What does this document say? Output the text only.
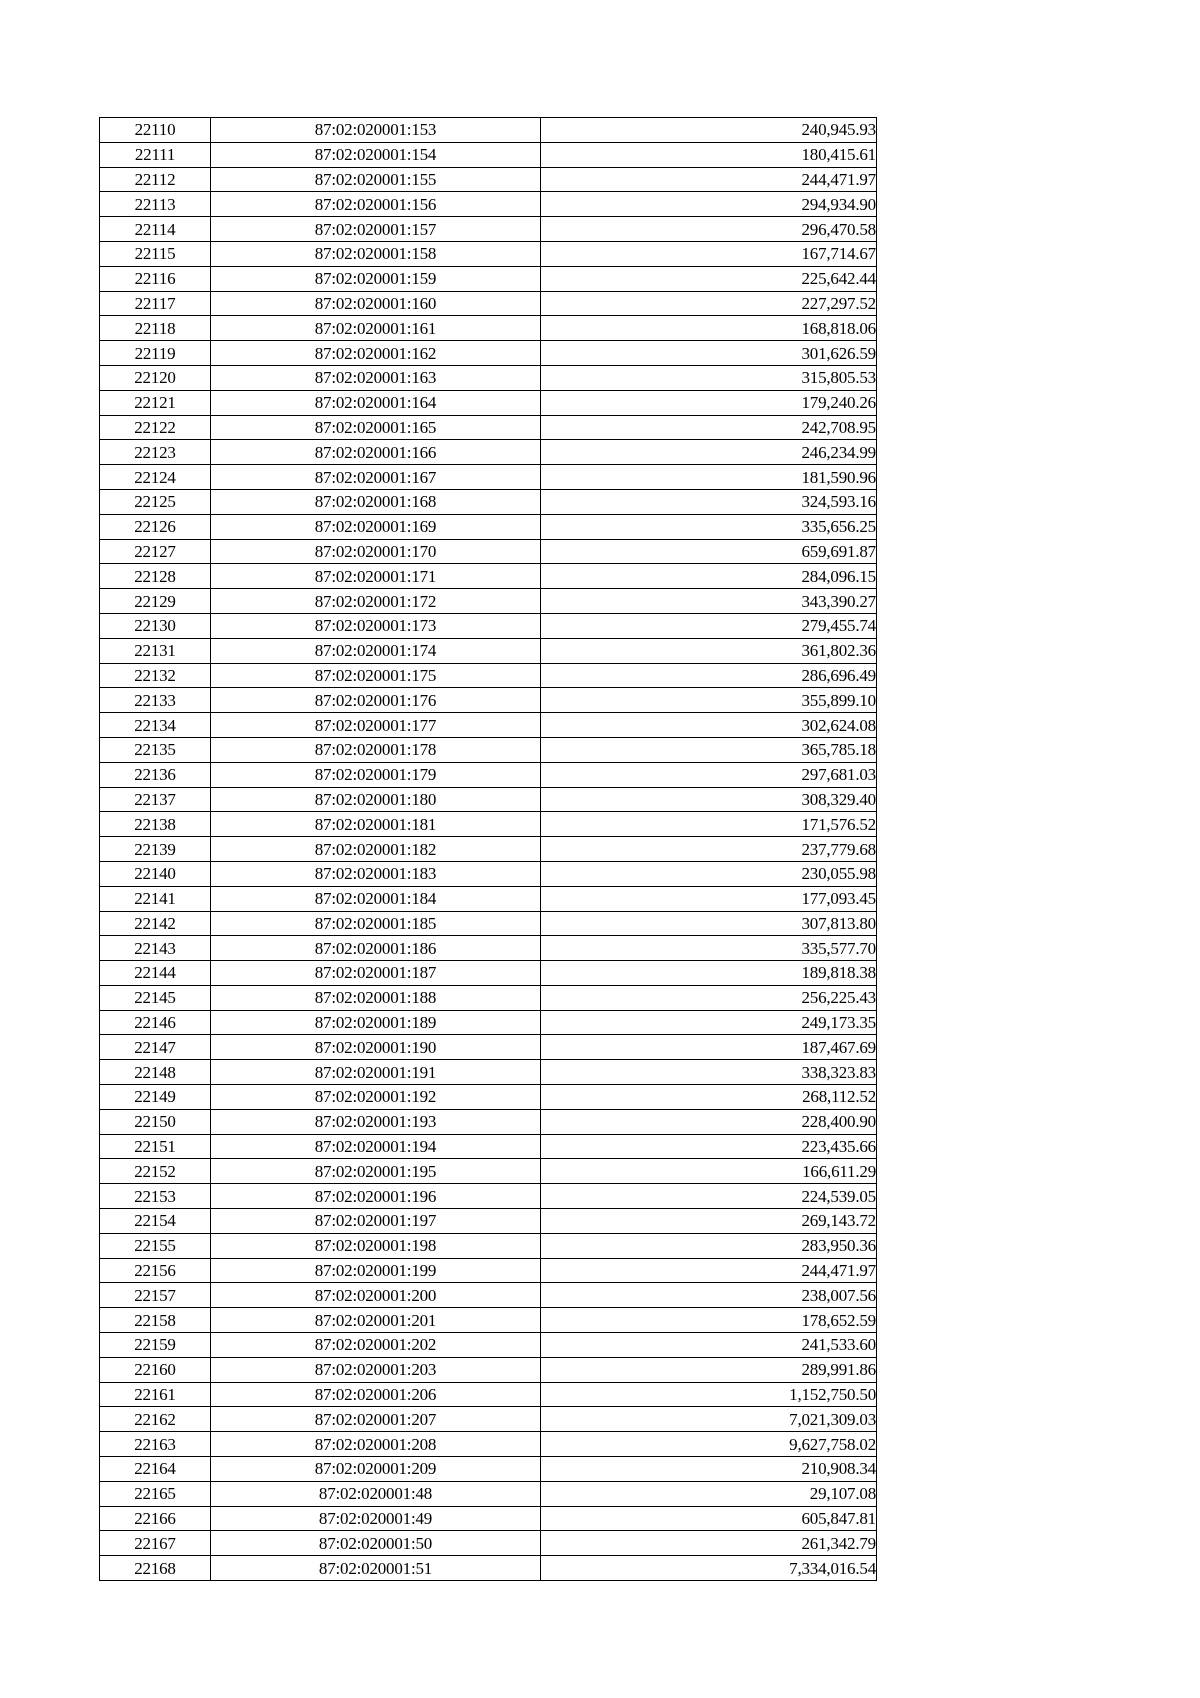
22110	87:02:020001:153	240,945.93
22111	87:02:020001:154	180,415.61
22112	87:02:020001:155	244,471.97
22113	87:02:020001:156	294,934.90
22114	87:02:020001:157	296,470.58
22115	87:02:020001:158	167,714.67
22116	87:02:020001:159	225,642.44
22117	87:02:020001:160	227,297.52
22118	87:02:020001:161	168,818.06
22119	87:02:020001:162	301,626.59
22120	87:02:020001:163	315,805.53
22121	87:02:020001:164	179,240.26
22122	87:02:020001:165	242,708.95
22123	87:02:020001:166	246,234.99
22124	87:02:020001:167	181,590.96
22125	87:02:020001:168	324,593.16
22126	87:02:020001:169	335,656.25
22127	87:02:020001:170	659,691.87
22128	87:02:020001:171	284,096.15
22129	87:02:020001:172	343,390.27
22130	87:02:020001:173	279,455.74
22131	87:02:020001:174	361,802.36
22132	87:02:020001:175	286,696.49
22133	87:02:020001:176	355,899.10
22134	87:02:020001:177	302,624.08
22135	87:02:020001:178	365,785.18
22136	87:02:020001:179	297,681.03
22137	87:02:020001:180	308,329.40
22138	87:02:020001:181	171,576.52
22139	87:02:020001:182	237,779.68
22140	87:02:020001:183	230,055.98
22141	87:02:020001:184	177,093.45
22142	87:02:020001:185	307,813.80
22143	87:02:020001:186	335,577.70
22144	87:02:020001:187	189,818.38
22145	87:02:020001:188	256,225.43
22146	87:02:020001:189	249,173.35
22147	87:02:020001:190	187,467.69
22148	87:02:020001:191	338,323.83
22149	87:02:020001:192	268,112.52
22150	87:02:020001:193	228,400.90
22151	87:02:020001:194	223,435.66
22152	87:02:020001:195	166,611.29
22153	87:02:020001:196	224,539.05
22154	87:02:020001:197	269,143.72
22155	87:02:020001:198	283,950.36
22156	87:02:020001:199	244,471.97
22157	87:02:020001:200	238,007.56
22158	87:02:020001:201	178,652.59
22159	87:02:020001:202	241,533.60
22160	87:02:020001:203	289,991.86
22161	87:02:020001:206	1,152,750.50
22162	87:02:020001:207	7,021,309.03
22163	87:02:020001:208	9,627,758.02
22164	87:02:020001:209	210,908.34
22165	87:02:020001:48	29,107.08
22166	87:02:020001:49	605,847.81
22167	87:02:020001:50	261,342.79
22168	87:02:020001:51	7,334,016.54
